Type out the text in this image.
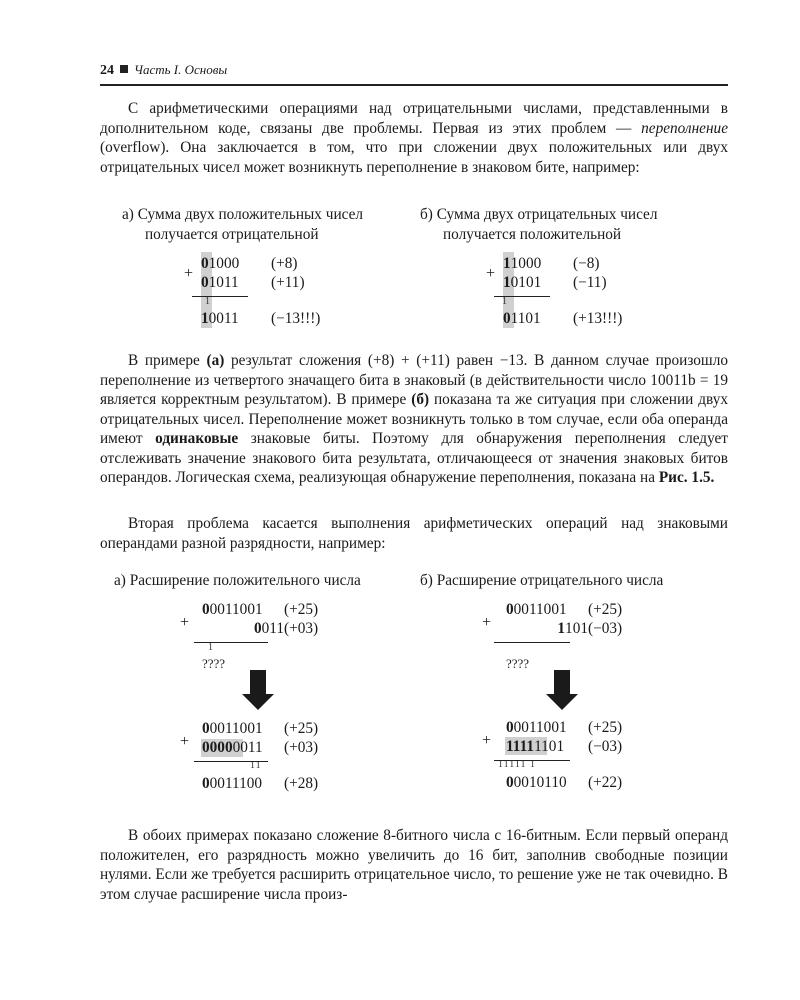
24 Часть I. Основы

С арифметическими операциями над отрицательными числами, представленными в дополнительном коде, связаны две проблемы. Первая из этих проблем — переполнение (overflow). Она заключается в том, что при сложении двух положительных или двух отрицательных чисел может возникнуть переполнение в знаковом бите, например:

а) Сумма двух положительных чисел
получается отрицательной
б) Сумма двух отрицательных чисел
получается положительной
+
01000 (+8)
01011 (+11)
1
10011 (−13!!!)
+
11000 (−8)
10101 (−11)
1
01101 (+13!!!)

В примере (а) результат сложения (+8) + (+11) равен −13. В данном случае произошло переполнение из четвертого значащего бита в знаковый (в действительности число 10011b = 19 является корректным результатом). В примере (б) показана та же ситуация при сложении двух отрицательных чисел. Переполнение может возникнуть только в том случае, если оба операнда имеют одинаковые знаковые биты. Поэтому для обнаружения переполнения следует отслеживать значение знакового бита результата, отличающееся от значения знаковых битов операндов. Логическая схема, реализующая обнаружение переполнения, показана на Рис. 1.5.

Вторая проблема касается выполнения арифметических операций над знаковыми операндами разной разрядности, например:

а) Расширение положительного числа	б) Расширение отрицательного числа
+
00011001 (+25)
0011(+03)
1
????
+
00011001 (+25)
00000011 (+03)
11
00011100 (+28)
+
00011001 (+25)
1101(−03)
????
+
00011001 (+25)
11111101 (−03)
11111 1
00010110 (+22)

В обоих примерах показано сложение 8-битного числа с 16-битным. Если первый операнд положителен, его разрядность можно увеличить до 16 бит, заполнив свободные позиции нулями. Если же требуется расширить отрицательное число, то решение уже не так очевидно. В этом случае расширение числа произ-
